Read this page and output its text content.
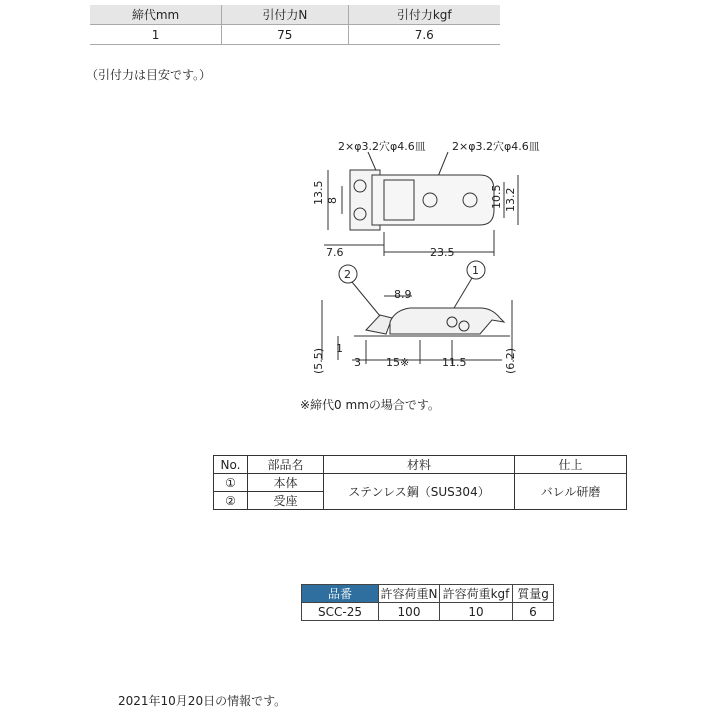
締代mm	引付力N	引付力kgf
1	75	7.6
（引付力は目安です。）
2×φ3.2穴φ4.6皿 2×φ3.2穴φ4.6皿
13.5 8	10.5 13.2
7.6	23.5
8.9
(5.5) 1
3 15※	11.5	(6.2)
2	1
※締代0 mmの場合です。
No.	部品名	材料	仕上
①	本体	ステンレス鋼（SUS304）	バレル研磨
②	受座		
品番	許容荷重N	許容荷重kgf	質量g
SCC-25	100	10	6
2021年10月20日の情報です。
